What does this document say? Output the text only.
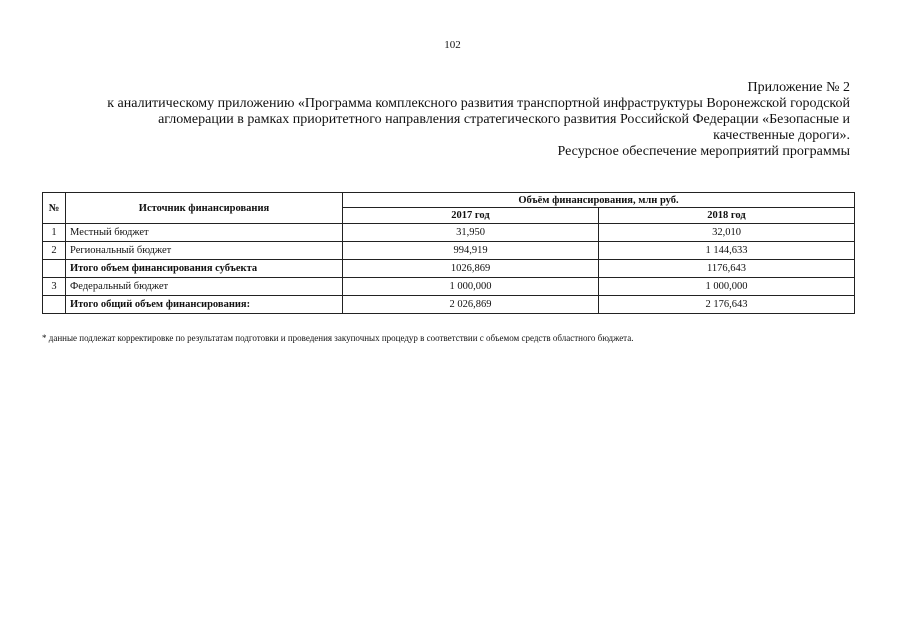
102
Приложение № 2
к аналитическому приложению «Программа комплексного развития транспортной инфраструктуры Воронежской городской
агломерации в рамках приоритетного направления стратегического развития Российской Федерации «Безопасные и
качественные дороги».
Ресурсное обеспечение мероприятий программы
№	Источник финансирования	Объём финансирования, млн руб.	
		2017 год	2018 год
1	Местный бюджет	31,950	32,010
2	Региональный бюджет	994,919	1 144,633
	Итого объем финансирования субъекта	1026,869	1176,643
3	Федеральный бюджет	1 000,000	1 000,000
	Итого общий объем финансирования:	2 026,869	2 176,643
* данные подлежат корректировке по результатам подготовки и проведения закупочных процедур в соответствии с объемом средств областного бюджета.
